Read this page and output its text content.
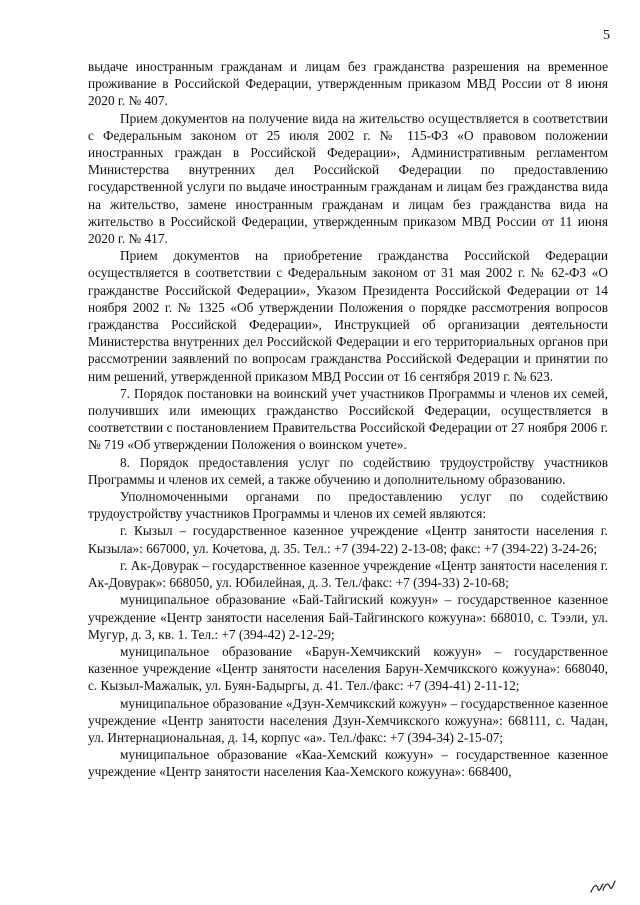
5

выдаче иностранным гражданам и лицам без гражданства разрешения на временное проживание в Российской Федерации, утвержденным приказом МВД России от 8 июня 2020 г. № 407.

Прием документов на получение вида на жительство осуществляется в соответствии с Федеральным законом от 25 июля 2002 г. № 115-ФЗ «О правовом положении иностранных граждан в Российской Федерации», Административным регламентом Министерства внутренних дел Российской Федерации по предоставлению государственной услуги по выдаче иностранным гражданам и лицам без гражданства вида на жительство, замене иностранным гражданам и лицам без гражданства вида на жительство в Российской Федерации, утвержденным приказом МВД России от 11 июня 2020 г. № 417.

Прием документов на приобретение гражданства Российской Федерации осуществляется в соответствии с Федеральным законом от 31 мая 2002 г. № 62-ФЗ «О гражданстве Российской Федерации», Указом Президента Российской Федерации от 14 ноября 2002 г. № 1325 «Об утверждении Положения о порядке рассмотрения вопросов гражданства Российской Федерации», Инструкцией об организации деятельности Министерства внутренних дел Российской Федерации и его территориальных органов при рассмотрении заявлений по вопросам гражданства Российской Федерации и принятии по ним решений, утвержденной приказом МВД России от 16 сентября 2019 г. № 623.

7. Порядок постановки на воинский учет участников Программы и членов их семей, получивших или имеющих гражданство Российской Федерации, осуществляется в соответствии с постановлением Правительства Российской Федерации от 27 ноября 2006 г. № 719 «Об утверждении Положения о воинском учете».

8. Порядок предоставления услуг по содействию трудоустройству участников Программы и членов их семей, а также обучению и дополнительному образованию.

Уполномоченными органами по предоставлению услуг по содействию трудоустройству участников Программы и членов их семей являются:

г. Кызыл – государственное казенное учреждение «Центр занятости населения г. Кызыла»: 667000, ул. Кочетова, д. 35. Тел.: +7 (394-22) 2-13-08; факс: +7 (394-22) 3-24-26;

г. Ак-Довурак – государственное казенное учреждение «Центр занятости населения г. Ак-Довурак»: 668050, ул. Юбилейная, д. 3. Тел./факс: +7 (394-33) 2-10-68;

муниципальное образование «Бай-Тайгиский кожуун» – государственное казенное учреждение «Центр занятости населения Бай-Тайгинского кожууна»: 668010, с. Тээли, ул. Мугур, д. 3, кв. 1. Тел.: +7 (394-42) 2-12-29;

муниципальное образование «Барун-Хемчикский кожуун» – государственное казенное учреждение «Центр занятости населения Барун-Хемчикского кожууна»: 668040, с. Кызыл-Мажалык, ул. Буян-Бадыргы, д. 41. Тел./факс: +7 (394-41) 2-11-12;

муниципальное образование «Дзун-Хемчикский кожуун» – государственное казенное учреждение «Центр занятости населения Дзун-Хемчикского кожууна»: 668111, с. Чадан, ул. Интернациональная, д. 14, корпус «а». Тел./факс: +7 (394-34) 2-15-07;

муниципальное образование «Каа-Хемский кожуун» – государственное казенное учреждение «Центр занятости населения Каа-Хемского кожууна»: 668400,
